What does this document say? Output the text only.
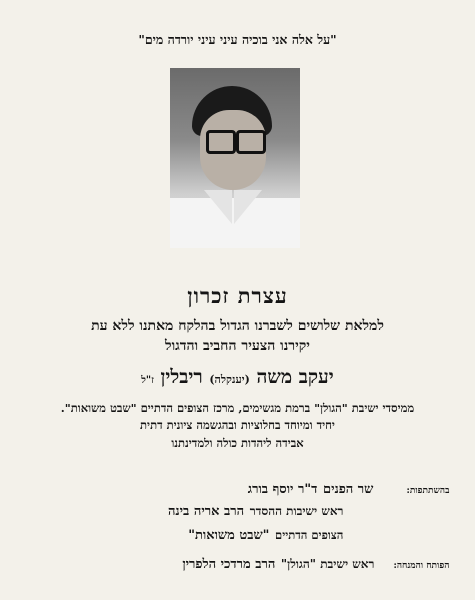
"על אלה אני בוכיה עיני עיני יורדה מים"
עצרת זכרון
למלאת שלושים לשברנו הגדול בהלקח מאתנו ללא עת
יקירנו הצעיר החביב והדגול
יעקב משה (יענקלה) ריבלין ז"ל
ממיסדי ישיבת "הגולן" ברמת מגשימים, מרכז הצופים הדתיים "שבט משואות".
יחיד ומיוחד בחלוציות ובהגשמה ציונית דתית
אבידה ליהדות כולה ולמדינתנו
בהשתתפות:  שר הפנים ד"ר יוסף בורג
ראש ישיבות ההסדר הרב אריה בינה
הצופים הדתיים "שבט משואות"
הפותח והמנחה:  ראש ישיבת "הגולן" הרב מרדכי הלפרין
